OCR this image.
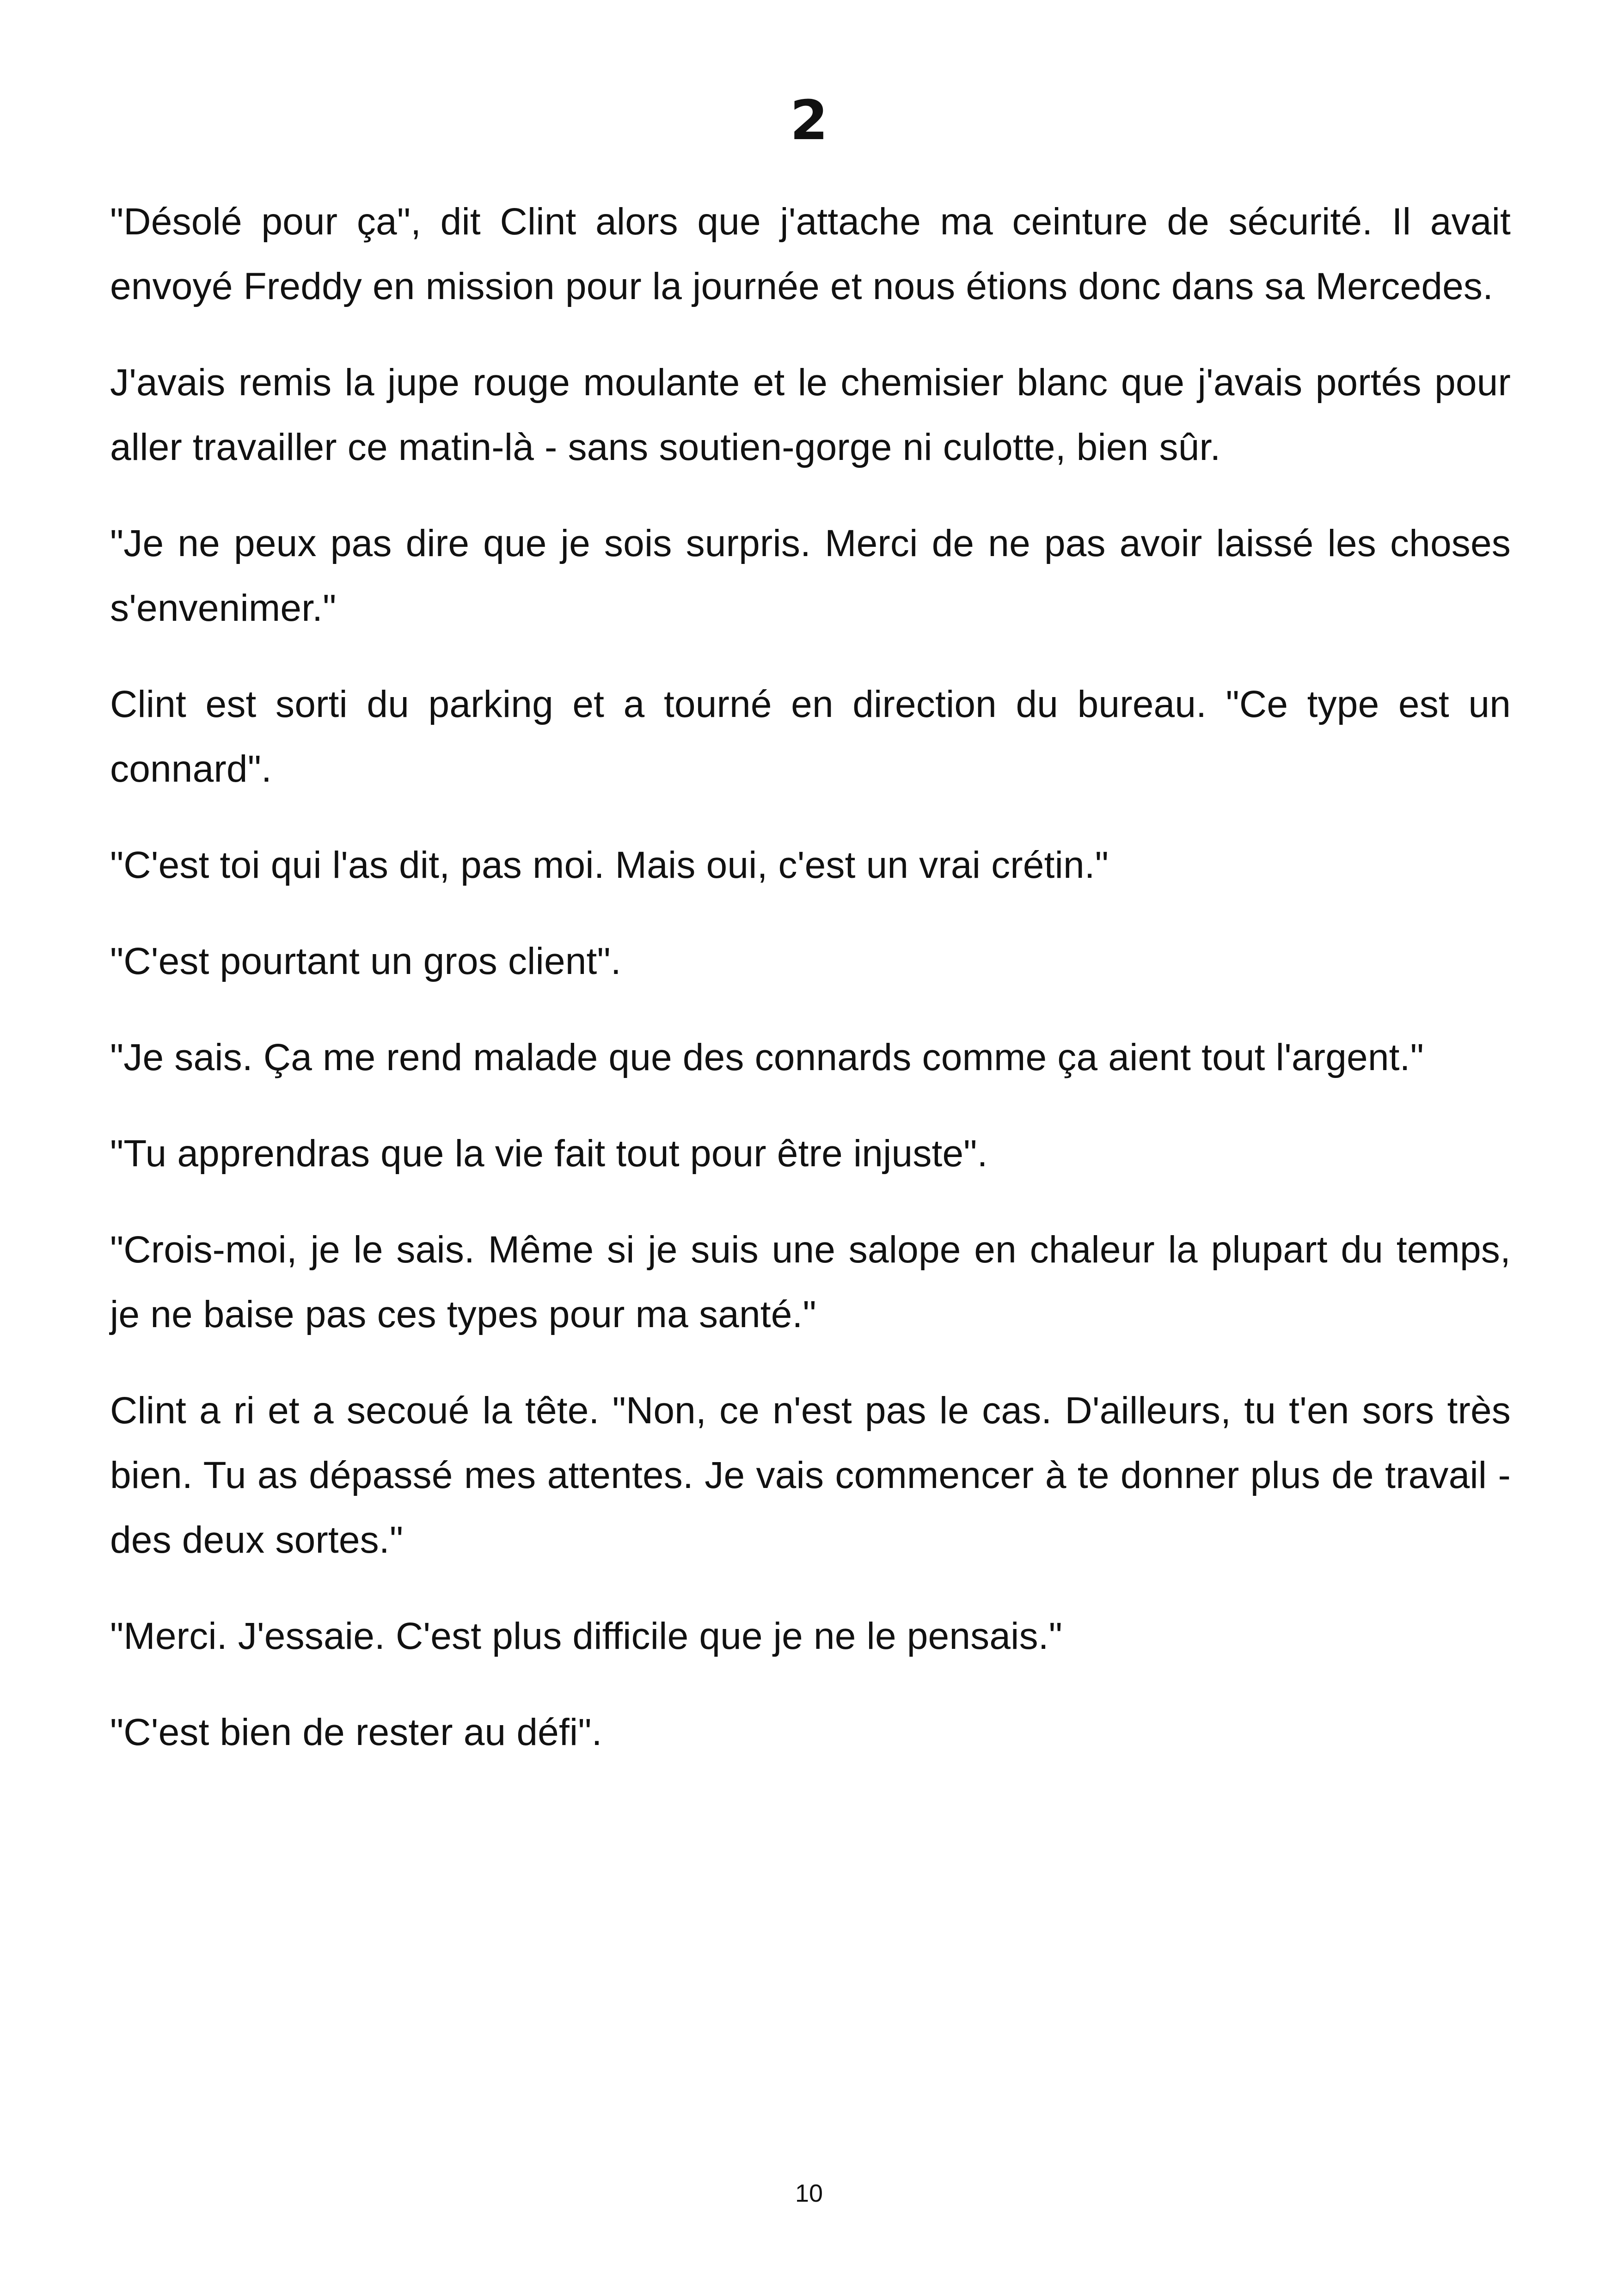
2

"Désolé pour ça", dit Clint alors que j'attache ma ceinture de sécurité. Il avait envoyé Freddy en mission pour la journée et nous étions donc dans sa Mercedes.

J'avais remis la jupe rouge moulante et le chemisier blanc que j'avais portés pour aller travailler ce matin-là - sans soutien-gorge ni culotte, bien sûr.

"Je ne peux pas dire que je sois surpris. Merci de ne pas avoir laissé les choses s'envenimer."

Clint est sorti du parking et a tourné en direction du bureau. "Ce type est un connard".

"C'est toi qui l'as dit, pas moi. Mais oui, c'est un vrai crétin."

"C'est pourtant un gros client".

"Je sais. Ça me rend malade que des connards comme ça aient tout l'argent."

"Tu apprendras que la vie fait tout pour être injuste".

"Crois-moi, je le sais. Même si je suis une salope en chaleur la plupart du temps, je ne baise pas ces types pour ma santé."

Clint a ri et a secoué la tête. "Non, ce n'est pas le cas. D'ailleurs, tu t'en sors très bien. Tu as dépassé mes attentes. Je vais commencer à te donner plus de travail - des deux sortes."

"Merci. J'essaie. C'est plus difficile que je ne le pensais."

"C'est bien de rester au défi".

10
